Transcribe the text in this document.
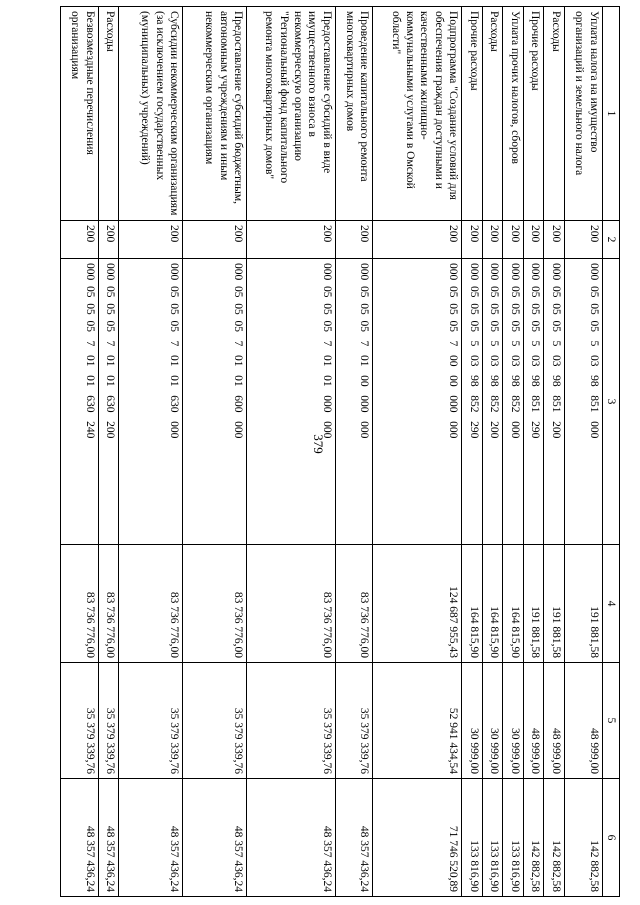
379
1	2	3	4	5	6
Уплата налога на имущество организаций и земельного налога	200	000  05  05  05   5   03   98   851   000	191 881,58	48 999,00	142 882,58
Расходы	200	000  05  05  05   5   03   98   851   200	191 881,58	48 999,00	142 882,58
Прочие расходы	200	000  05  05  05   5   03   98   851   290	191 881,58	48 999,00	142 882,58
Уплата прочих налогов, сборов	200	000  05  05  05   5   03   98   852   000	164 815,90	30 999,00	133 816,90
Расходы	200	000  05  05  05   5   03   98   852   200	164 815,90	30 999,00	133 816,90
Прочие расходы	200	000  05  05  05   5   03   98   852   290	164 815,90	30 999,00	133 816,90
Подпрограмма "Создание условий для обеспечения граждан доступными и качественными жилищно-коммунальными услугами в Омской области"	200	000  05  05  05   7   00   00   000   000	124 687 955,43	52 941 434,54	71 746 520,89
Проведение капитального ремонта многоквартирных домов	200	000  05  05  05   7   01   00   000   000	83 736 776,00	35 379 339,76	48 357 436,24
Предоставление субсидий в виде имущественного взноса в некоммерческую организацию "Региональный фонд капитального ремонта многоквартирных домов"	200	000  05  05  05   7   01   01   000   000	83 736 776,00	35 379 339,76	48 357 436,24
Предоставление субсидий бюджетным, автономным учреждениям и иным некоммерческим организациям	200	000  05  05  05   7   01   01   600   000	83 736 776,00	35 379 339,76	48 357 436,24
Субсидии некоммерческим организациям (за исключением государственных (муниципальных) учреждений)	200	000  05  05  05   7   01   01   630   000	83 736 776,00	35 379 339,76	48 357 436,24
Расходы	200	000  05  05  05   7   01   01   630   200	83 736 776,00	35 379 339,76	48 357 436,24
Безвозмездные перечисления организациям	200	000  05  05  05   7   01   01   630   240	83 736 776,00	35 379 339,76	48 357 436,24
